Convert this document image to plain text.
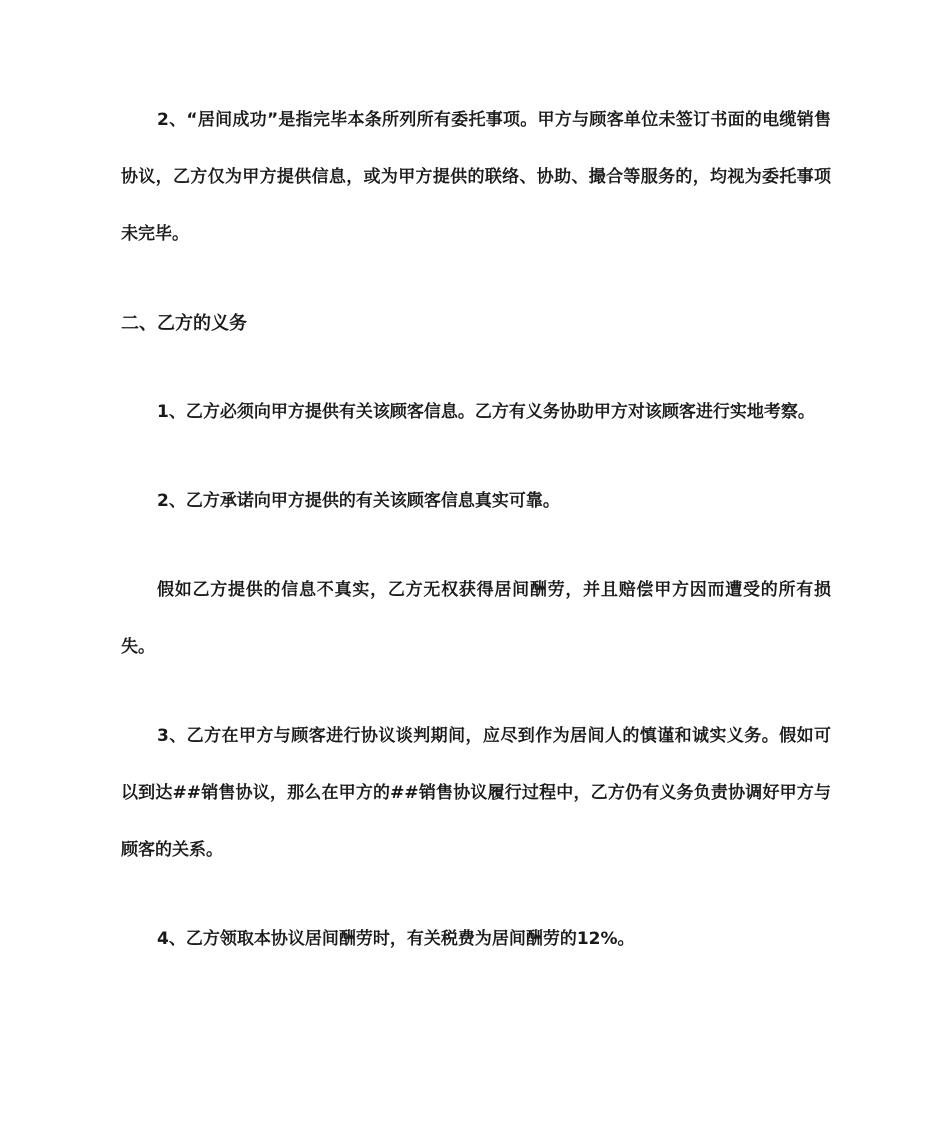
2、“居间成功”是指完毕本条所列所有委托事项。甲方与顾客单位未签订书面的电缆销售协议，乙方仅为甲方提供信息，或为甲方提供的联络、协助、撮合等服务的，均视为委托事项未完毕。

二、乙方的义务

1、乙方必须向甲方提供有关该顾客信息。乙方有义务协助甲方对该顾客进行实地考察。

2、乙方承诺向甲方提供的有关该顾客信息真实可靠。

假如乙方提供的信息不真实，乙方无权获得居间酬劳，并且赔偿甲方因而遭受的所有损失。

3、乙方在甲方与顾客进行协议谈判期间，应尽到作为居间人的慎谨和诚实义务。假如可以到达##销售协议，那么在甲方的##销售协议履行过程中，乙方仍有义务负责协调好甲方与顾客的关系。

4、乙方领取本协议居间酬劳时，有关税费为居间酬劳的12%。
